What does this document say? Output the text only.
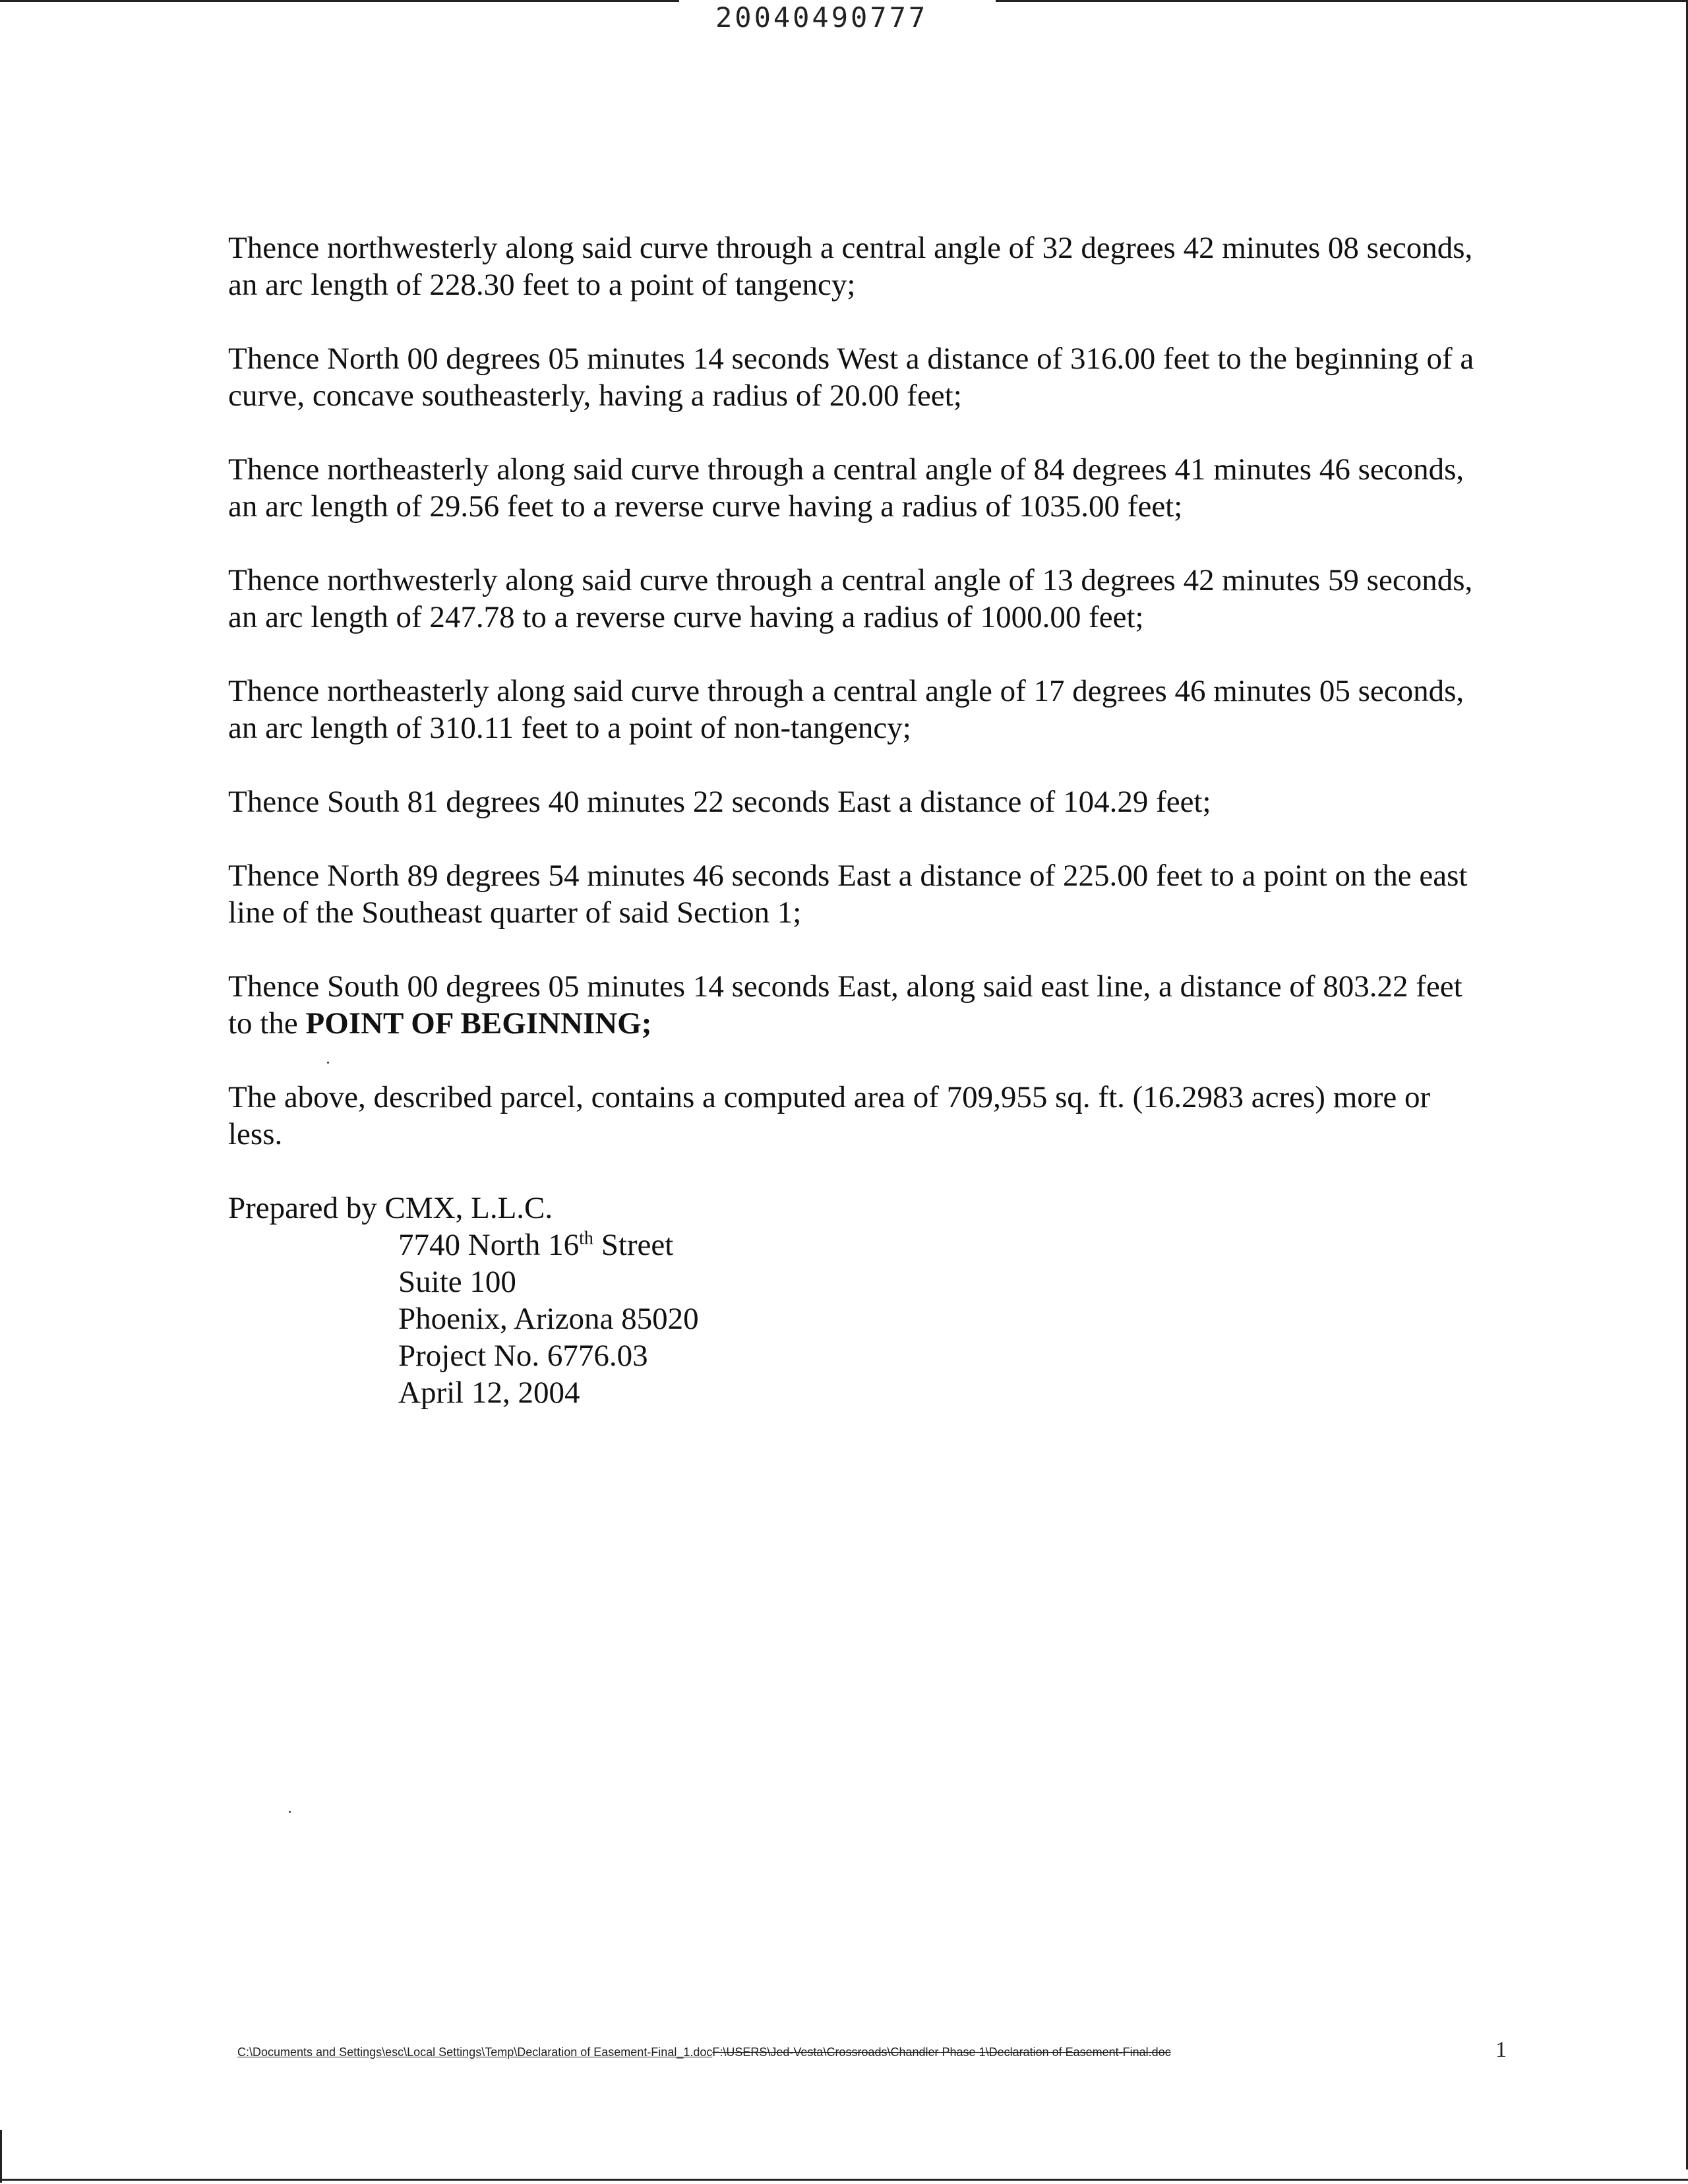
20040490777

Thence northwesterly along said curve through a central angle of 32 degrees 42 minutes 08 seconds, an arc length of 228.30 feet to a point of tangency;

Thence North 00 degrees 05 minutes 14 seconds West a distance of 316.00 feet to the beginning of a curve, concave southeasterly, having a radius of 20.00 feet;

Thence northeasterly along said curve through a central angle of 84 degrees 41 minutes 46 seconds, an arc length of 29.56 feet to a reverse curve having a radius of 1035.00 feet;

Thence northwesterly along said curve through a central angle of 13 degrees 42 minutes 59 seconds, an arc length of 247.78 to a reverse curve having a radius of 1000.00 feet;

Thence northeasterly along said curve through a central angle of 17 degrees 46 minutes 05 seconds, an arc length of 310.11 feet to a point of non-tangency;

Thence South 81 degrees 40 minutes 22 seconds East a distance of 104.29 feet;

Thence North 89 degrees 54 minutes 46 seconds East a distance of 225.00 feet to a point on the east line of the Southeast quarter of said Section 1;

Thence South 00 degrees 05 minutes 14 seconds East, along said east line, a distance of 803.22 feet to the POINT OF BEGINNING;

The above, described parcel, contains a computed area of 709,955 sq. ft. (16.2983 acres) more or less.

Prepared by CMX, L.L.C.
7740 North 16th Street
Suite 100
Phoenix, Arizona 85020
Project No. 6776.03
April 12, 2004
C:\Documents and Settings\esc\Local Settings\Temp\Declaration of Easement-Final_1.docF:\USERS\Jed-Vesta\Crossroads\Chandler Phase 1\Declaration of Easement-Final.doc	1
